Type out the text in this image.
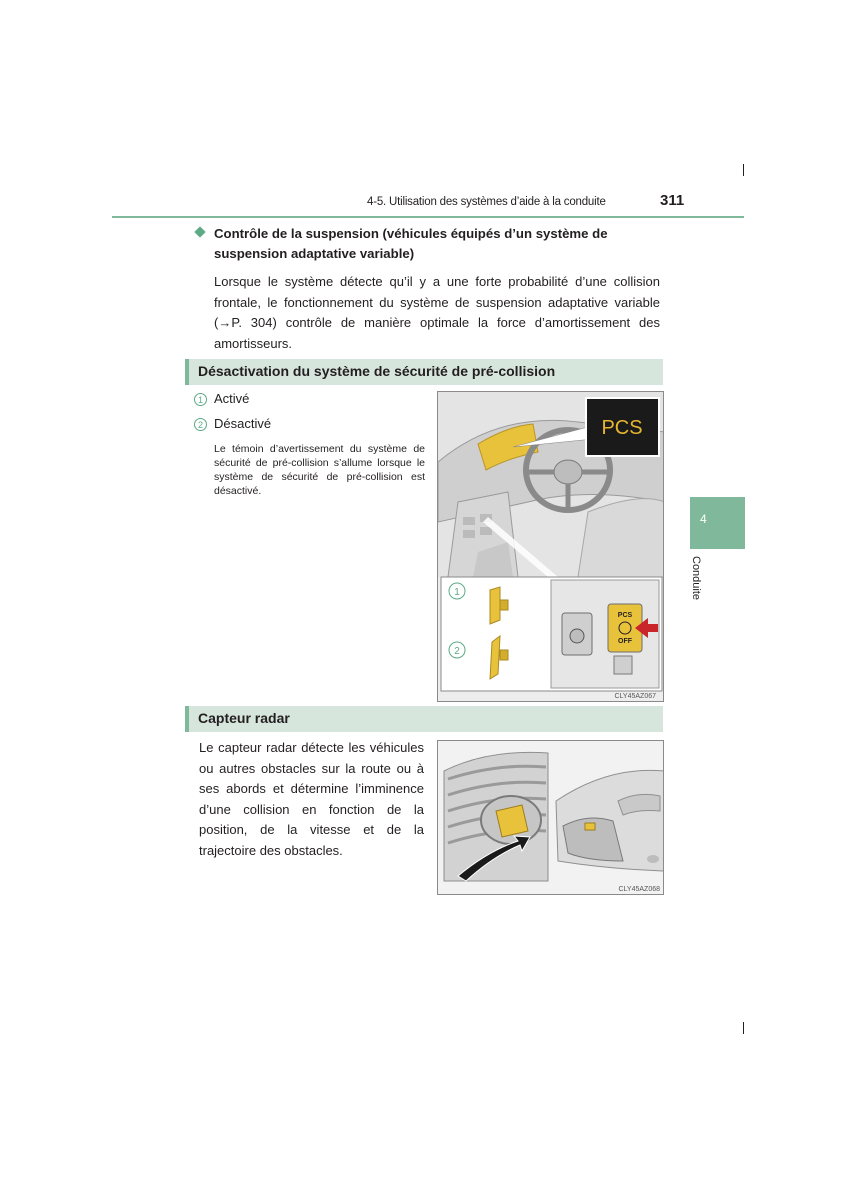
4-5. Utilisation des systèmes d’aide à la conduite	311
4
Conduite
Contrôle de la suspension (véhicules équipés d’un système de suspension adaptative variable)
Lorsque le système détecte qu’il y a une forte probabilité d’une collision frontale, le fonctionnement du système de suspension adaptative variable (→P. 304) contrôle de manière optimale la force d’amortissement des amortisseurs.
Désactivation du système de sécurité de pré-collision
1 Activé
2 Désactivé
Le témoin d’avertissement du système de sécurité de pré-collision s’allume lorsque le système de sécurité de pré-collision est désactivé.
PCS
1
2
PCS
OFF
CLY45AZ067
Capteur radar
Le capteur radar détecte les véhicules ou autres obstacles sur la route ou à ses abords et détermine l’imminence d’une collision en fonction de la position, de la vitesse et de la trajectoire des obstacles.
CLY45AZ068
